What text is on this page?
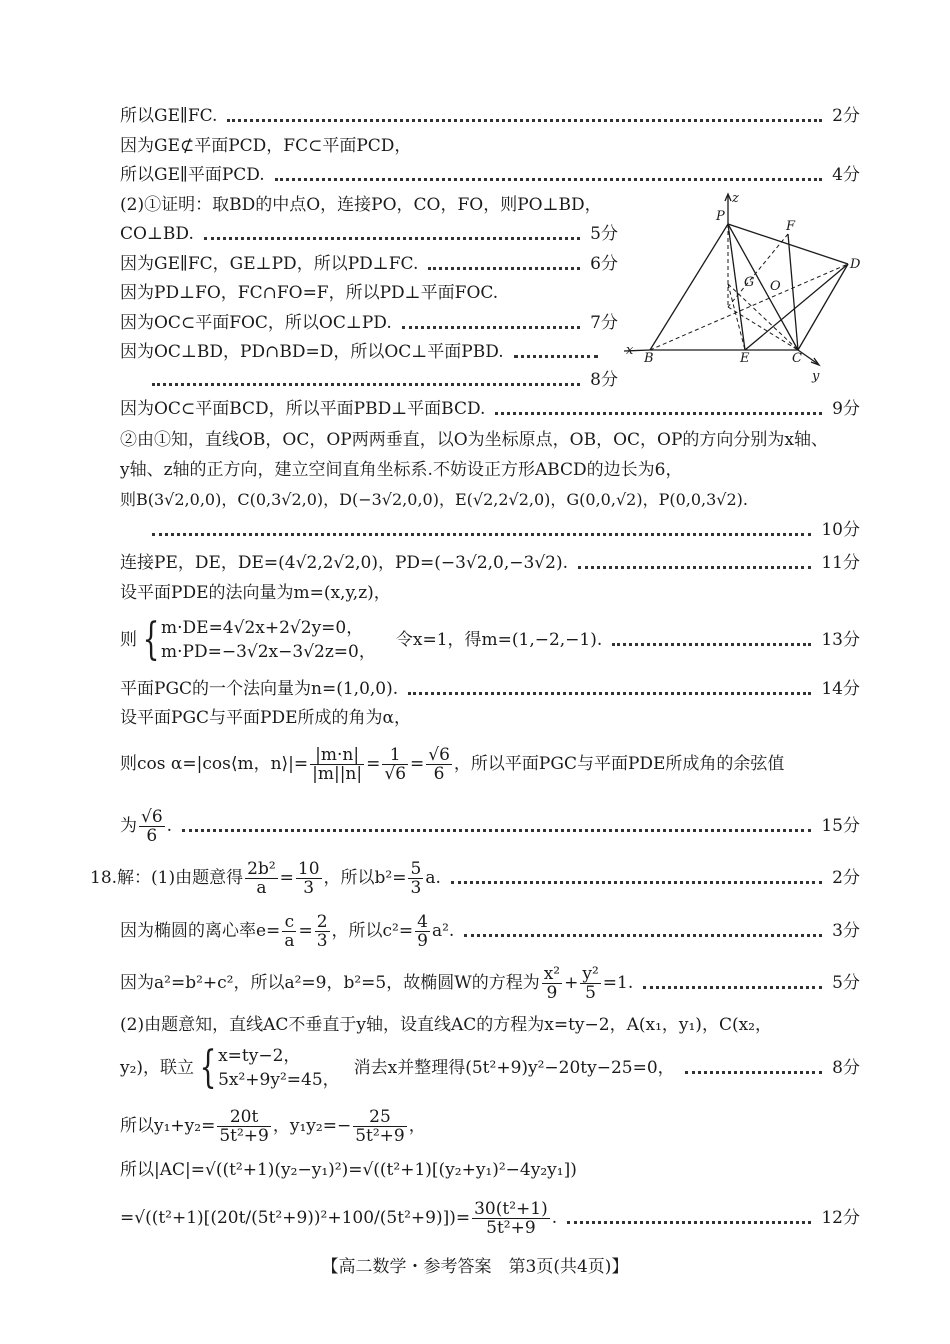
所以GE∥FC.	2分
因为GE⊄平面PCD，FC⊂平面PCD，
所以GE∥平面PCD.	4分
(2)①证明：取BD的中点O，连接PO，CO，FO，则PO⊥BD，
CO⊥BD.	5分
因为GE∥FC，GE⊥PD，所以PD⊥FC.	6分
因为PD⊥FO，FC∩FO=F，所以PD⊥平面FOC.
因为OC⊂平面FOC，所以OC⊥PD.	7分
因为OC⊥BD，PD∩BD=D，所以OC⊥平面PBD.
8分
因为OC⊂平面BCD，所以平面PBD⊥平面BCD.	9分
②由①知，直线OB，OC，OP两两垂直，以O为坐标原点，OB，OC，OP的方向分别为x轴、
y轴、z轴的正方向，建立空间直角坐标系.不妨设正方形ABCD的边长为6，
则B(3√2,0,0)，C(0,3√2,0)，D(−3√2,0,0)，E(√2,2√2,0)，G(0,0,√2)，P(0,0,3√2).
10分
连接PE，DE，DE=(4√2,2√2,0)，PD=(−3√2,0,−3√2).	11分
设平面PDE的法向量为m=(x,y,z)，
则 { m·DE=4√2x+2√2y=0，
m·PD=−3√2x−3√2z=0，
令x=1，得m=(1,−2,−1).	13分
平面PGC的一个法向量为n=(1,0,0).	14分
设平面PGC与平面PDE所成的角为α，
则cos α=|cos⟨m，n⟩|= $\frac{|m\cdot n|}{|m||n|} = \frac{1}{√6} = \frac{√6}{6}$ ，所以平面PGC与平面PDE所成角的余弦值
为 $\frac{√6}{6}$ .	15分
18.解：(1)由题意得 $\frac{\text{2b²}}{a} = \frac{10}{3}$ ，所以$b^2= \frac{5}{3} a$.	2分
因为椭圆的离心率$e= \frac{c}{a} = \frac{2}{3}$ ，所以$c^2= \frac{4}{9} a^2$.	3分
因为a²=b²+c²，所以a²=9，b²=5，故椭圆W的方程为 $\frac{\text{x²}}{9} + \frac{\text{y²}}{5} =1$.	5分
(2)由题意知，直线AC不垂直于y轴，设直线AC的方程为x=ty−2，A(x₁，y₁)，C(x₂，
y₂)，联立 { x=ty−2，
5x²+9y²=45，
消去x并整理得(5t²+9)y²−20ty−25=0，	8分
所以$y_1+y_2= \frac{20t}{\text{5t²+9}}$ ，$y_1y_2=- \frac{25}{\text{5t²+9}}$ ，
所以|AC|=√((t²+1)(y₂−y₁)²)=√((t²+1)[(y₂+y₁)²−4y₂y₁])
$=√((t^2+1)[(20t/(5t^2+9))^2+100/(5t^2+9)])= \frac{\text{30(t²+1)}}{\text{5t²+9}}$ .	12分
P
z
F
D
G O
x
B	E	C
y
【高二数学・参考答案　第3页(共4页)】
